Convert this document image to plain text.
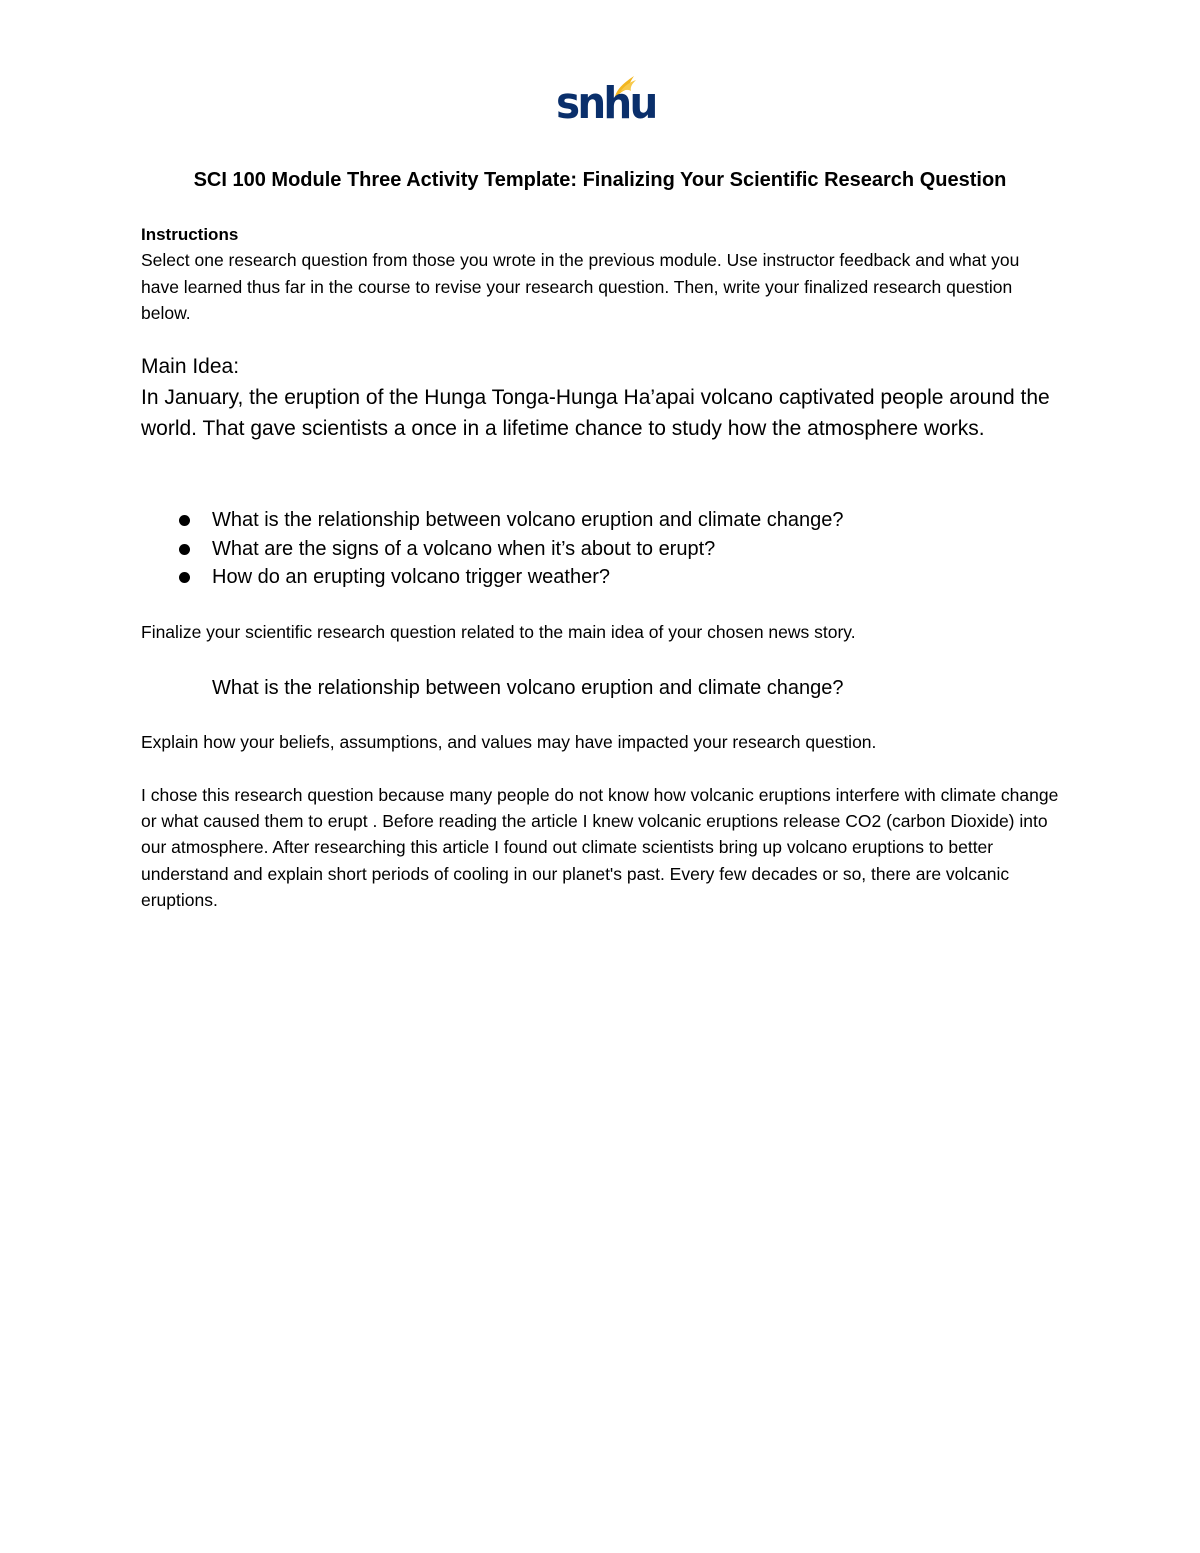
snhu
SCI 100 Module Three Activity Template: Finalizing Your Scientific Research Question
Instructions
Select one research question from those you wrote in the previous module. Use instructor feedback and what you have learned thus far in the course to revise your research question. Then, write your finalized research question below.
Main Idea:
In January, the eruption of the Hunga Tonga-Hunga Ha’apai volcano captivated people around the world. That gave scientists a once in a lifetime chance to study how the atmosphere works.
What is the relationship between volcano eruption and climate change?
What are the signs of a volcano when it’s about to erupt?
How do an erupting volcano trigger weather?
Finalize your scientific research question related to the main idea of your chosen news story.
What is the relationship between volcano eruption and climate change?
Explain how your beliefs, assumptions, and values may have impacted your research question.
I chose this research question because many people do not know how volcanic eruptions interfere with climate change or what caused them to erupt . Before reading the article I knew volcanic eruptions release CO2 (carbon Dioxide) into our atmosphere. After researching this article I found out climate scientists bring up volcano eruptions to better understand and explain short periods of cooling in our planet's past. Every few decades or so, there are volcanic eruptions.
